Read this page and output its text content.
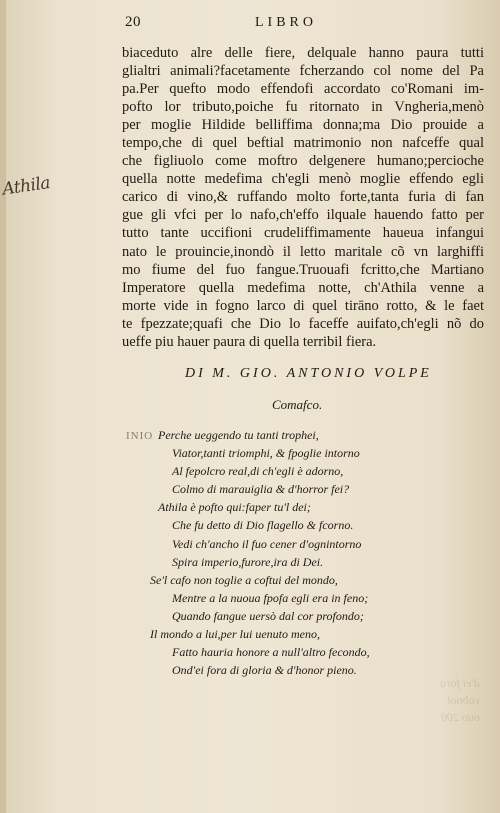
20	LIBRO
Athila
biaceduto alre delle fiere, delquale hanno paura tutti
glialtri animali?facetamente fcherzando col nome del Pa
pa.Per quefto modo effendofi accordato co'Romani im-
pofto lor tributo,poiche fu ritornato in Vngheria,menò
per moglie Hildide belliffima donna;ma Dio prouide a
tempo,che di quel beftial matrimonio non nafceffe qual
che figliuolo come moftro delgenere humano;percioche
quella notte medefima ch'egli menò moglie effendo egli
carico di vino,& ruffando molto forte,tanta furia di fan
gue gli vfci per lo nafo,ch'effo ilquale hauendo fatto per
tutto tante uccifioni crudeliffimamente haueua infangui
nato le prouincie,inondò il letto maritale cõ vn larghiffi
mo fiume del fuo fangue.Truouafi fcritto,che Martiano
Imperatore quella medefima notte, ch'Athila venne a
morte vide in fogno larco di quel tirāno rotto, & le faet
te fpezzate;quafi che Dio lo faceffe auifato,ch'egli nõ do
ueffe piu hauer paura di quella terribil fiera.
DI M. GIO. ANTONIO VOLPE
Comafco.
INIO Perche ueggendo tu tanti trophei,
Viator,tanti triomphi, & fpoglie intorno
Al fepolcro real,di ch'egli è adorno,
Colmo di marauiglia & d'horror fei?
Athila è pofto qui:faper tu'l dei;
Che fu detto di Dio flagello & fcorno.
Vedi ch'ancho il fuo cener d'ognintorno
Spira imperio,furore,ira di Dei.
Se'l cafo non toglie a coftui del mondo,
Mentre a la nuoua fpofa egli era in feno;
Quando fangue uersò dal cor profondo;
Il mondo a lui,per lui uenuto meno,
Fatto hauria honore a null'altro fecondo,
Ond'ei fora di gloria & d'honor pieno.
d'ei fora
vobnol
ouo 200
